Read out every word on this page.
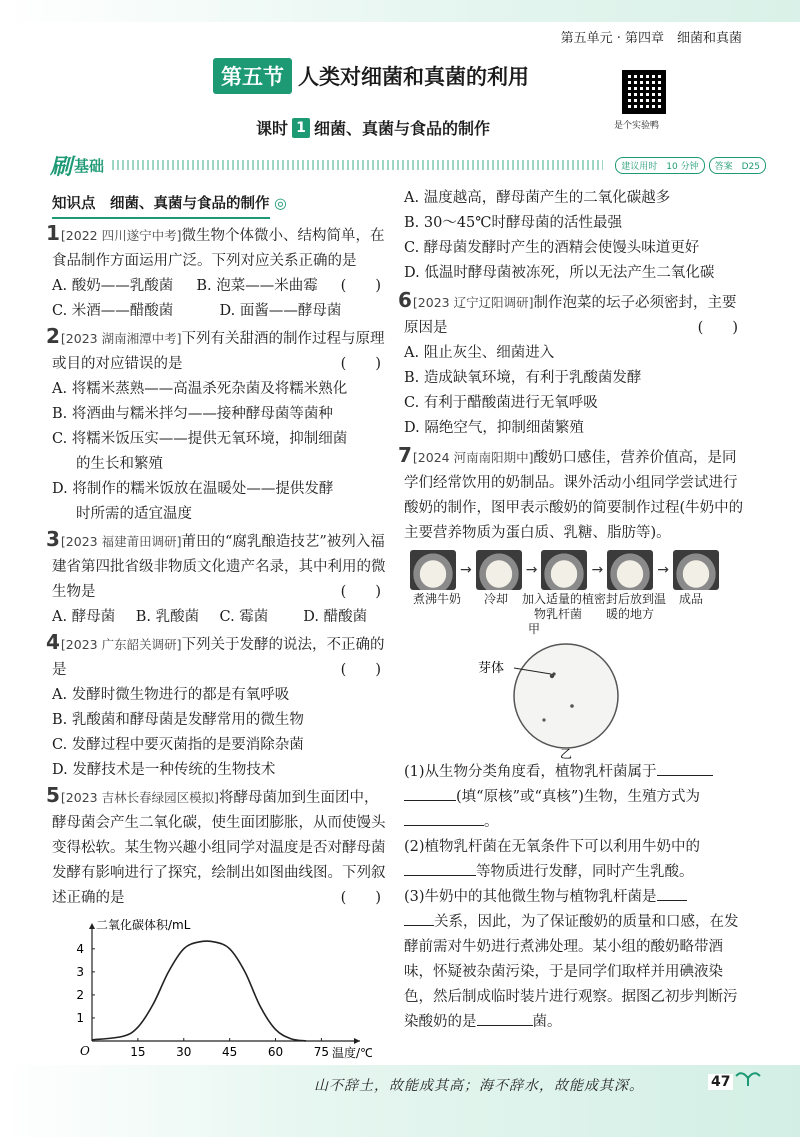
第五单元 · 第四章　细菌和真菌
第五节 人类对细菌和真菌的利用
是个实验鸭
课时 1 细菌、真菌与食品的制作
刷 基础	建议用时　10 分钟	答案　D25
知识点　细菌、真菌与食品的制作 ◎
1[2022 四川遂宁中考]微生物个体微小、结构简单，在食品制作方面运用广泛。下列对应关系正确的是
(　　)
A. 酸奶——乳酸菌	B. 泡菜——米曲霉
C. 米酒——醋酸菌	D. 面酱——酵母菌
2[2023 湖南湘潭中考]下列有关甜酒的制作过程与原理或目的对应错误的是	(　　)
A. 将糯米蒸熟——高温杀死杂菌及将糯米熟化
B. 将酒曲与糯米拌匀——接种酵母菌等菌种
C. 将糯米饭压实——提供无氧环境，抑制细菌
的生长和繁殖
D. 将制作的糯米饭放在温暖处——提供发酵
时所需的适宜温度
3[2023 福建莆田调研]莆田的“腐乳酿造技艺”被列入福建省第四批省级非物质文化遗产名录，其中利用的微生物是	(　　)
A. 酵母菌	B. 乳酸菌	C. 霉菌	D. 醋酸菌
4[2023 广东韶关调研]下列关于发酵的说法，不正确的是	(　　)
A. 发酵时微生物进行的都是有氧呼吸
B. 乳酸菌和酵母菌是发酵常用的微生物
C. 发酵过程中要灭菌指的是要消除杂菌
D. 发酵技术是一种传统的生物技术
5[2023 吉林长春绿园区模拟]将酵母菌加到生面团中，酵母菌会产生二氧化碳，使生面团膨胀，从而使馒头变得松软。某生物兴趣小组同学对温度是否对酵母菌发酵有影响进行了探究，绘制出如图曲线图。下列叙述正确的是	(　　)
二氧化碳体积/mL
温度/℃
O	15	30	45	60	75
1
2
3
4
A. 温度越高，酵母菌产生的二氧化碳越多
B. 30～45℃时酵母菌的活性最强
C. 酵母菌发酵时产生的酒精会使馒头味道更好
D. 低温时酵母菌被冻死，所以无法产生二氧化碳
6[2023 辽宁辽阳调研]制作泡菜的坛子必须密封，主要原因是	(　　)
A. 阻止灰尘、细菌进入
B. 造成缺氧环境，有利于乳酸菌发酵
C. 有利于醋酸菌进行无氧呼吸
D. 隔绝空气，抑制细菌繁殖
7[2024 河南南阳期中]酸奶口感佳，营养价值高，是同学们经常饮用的奶制品。课外活动小组同学尝试进行酸奶的制作，图甲表示酸奶的简要制作过程(牛奶中的主要营养物质为蛋白质、乳糖、脂肪等)。
→	→	→	→
煮沸牛奶	冷却	加入适量的植物乳杆菌
密封后放到温暖的地方
成品
甲
芽体
乙
(1)从生物分类角度看，植物乳杆菌属于
(填“原核”或“真核”)生物，生殖方式为
。
(2)植物乳杆菌在无氧条件下可以利用牛奶中的
等物质进行发酵，同时产生乳酸。
(3)牛奶中的其他微生物与植物乳杆菌是
关系，因此，为了保证酸奶的质量和口感，在发酵前需对牛奶进行煮沸处理。某小组的酸奶略带酒味，怀疑被杂菌污染，于是同学们取样并用碘液染色，然后制成临时装片进行观察。据图乙初步判断污染酸奶的是	菌。
山不辞土，故能成其高；海不辞水，故能成其深。	47
